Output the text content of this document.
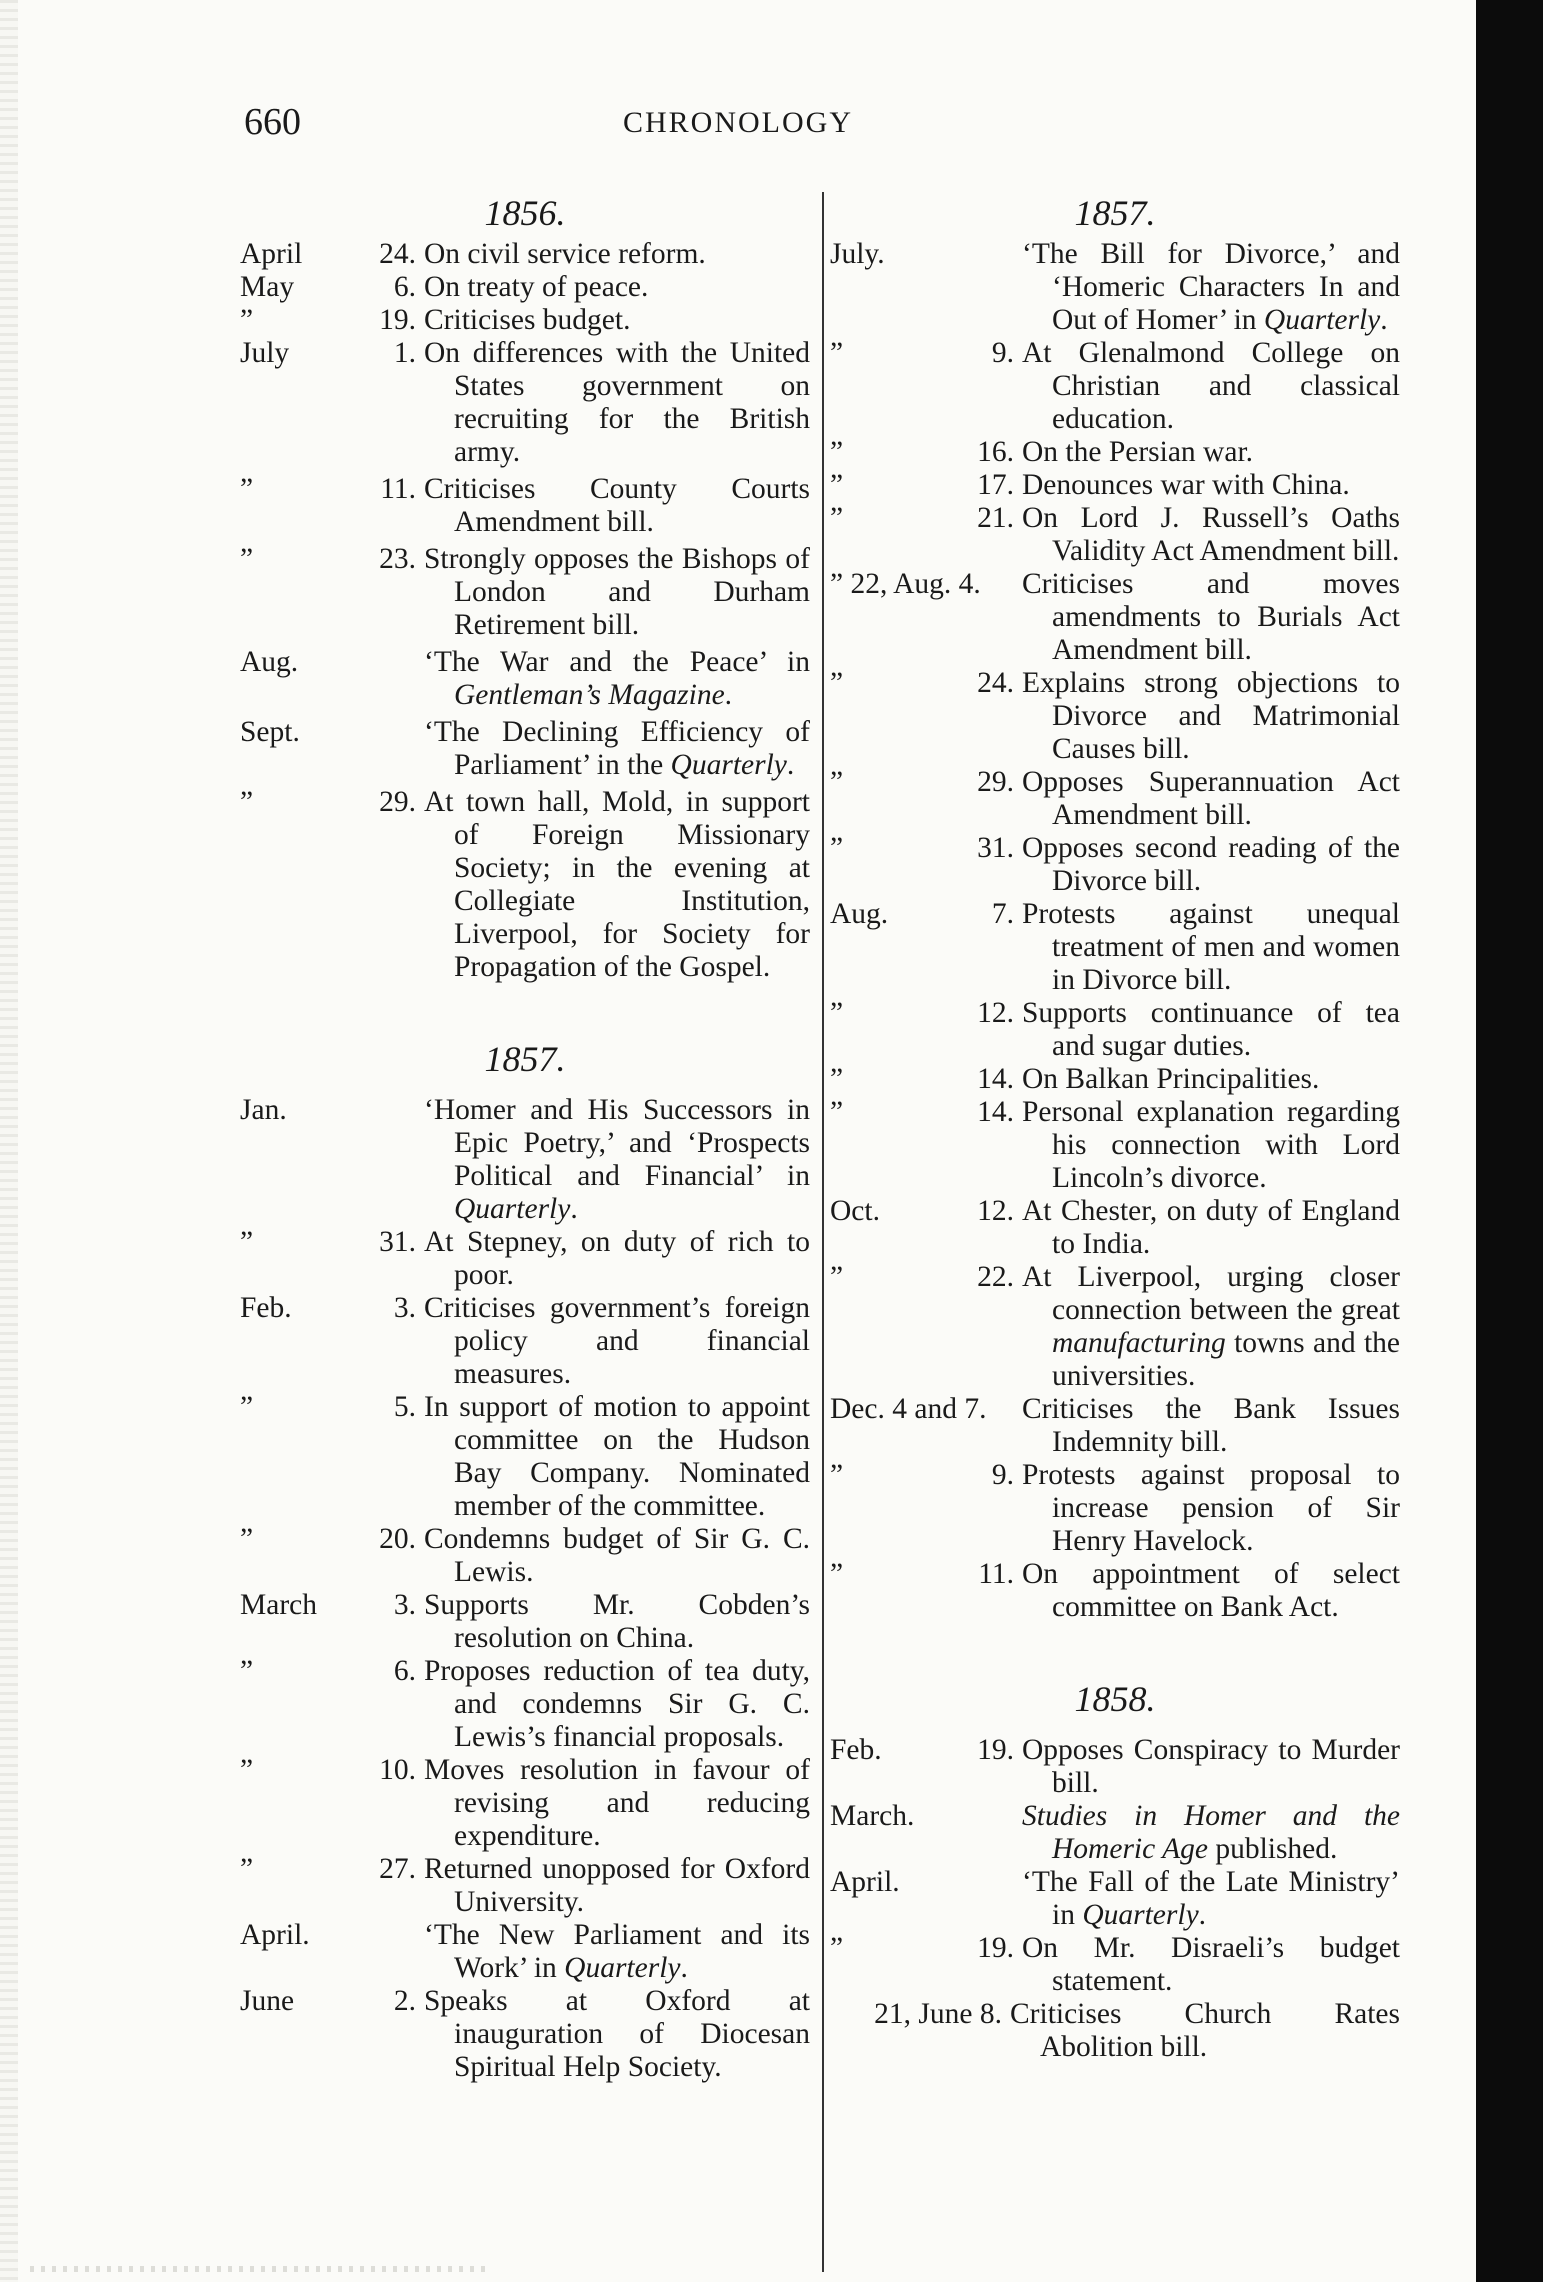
660	CHRONOLOGY
1856.
April	24. On civil service reform.
May	6. On treaty of peace.
”	19. Criticises budget.
July	1. On differences with the United States government on recruiting for the British army.
”	11. Criticises County Courts Amendment bill.
”	23. Strongly opposes the Bishops of London and Durham Retirement bill.
Aug.	‘The War and the Peace’ in Gentleman’s Magazine.
Sept.	‘The Declining Efficiency of Parliament’ in the Quarterly.
”	29. At town hall, Mold, in support of Foreign Missionary Society; in the evening at Collegiate Institution, Liverpool, for Society for Propagation of the Gospel.
1857.
Jan.	‘Homer and His Successors in Epic Poetry,’ and ‘Prospects Political and Financial’ in Quarterly.
”	31. At Stepney, on duty of rich to poor.
Feb.	3. Criticises government’s foreign policy and financial measures.
”	5. In support of motion to appoint committee on the Hudson Bay Company. Nominated member of the committee.
”	20. Condemns budget of Sir G. C. Lewis.
March	3. Supports Mr. Cobden’s resolution on China.
”	6. Proposes reduction of tea duty, and condemns Sir G. C. Lewis’s financial proposals.
”	10. Moves resolution in favour of revising and reducing expenditure.
”	27. Returned unopposed for Oxford University.
April.	‘The New Parliament and its Work’ in Quarterly.
June	2. Speaks at Oxford at inauguration of Diocesan Spiritual Help Society.
1857.
July.	‘The Bill for Divorce,’ and ‘Homeric Characters In and Out of Homer’ in Quarterly.
”	9. At Glenalmond College on Christian and classical education.
”	16. On the Persian war.
”	17. Denounces war with China.
”	21. On Lord J. Russell’s Oaths Validity Act Amendment bill.
” 22, Aug. 4.	Criticises and moves amendments to Burials Act Amendment bill.
”	24. Explains strong objections to Divorce and Matrimonial Causes bill.
”	29. Opposes Superannuation Act Amendment bill.
”	31. Opposes second reading of the Divorce bill.
Aug.	7. Protests against unequal treatment of men and women in Divorce bill.
”	12. Supports continuance of tea and sugar duties.
”	14. On Balkan Principalities.
”	14. Personal explanation regarding his connection with Lord Lincoln’s divorce.
Oct.	12. At Chester, on duty of England to India.
”	22. At Liverpool, urging closer connection between the great manufacturing towns and the universities.
Dec. 4 and 7.	Criticises the Bank Issues Indemnity bill.
”	9. Protests against proposal to increase pension of Sir Henry Havelock.
”	11. On appointment of select committee on Bank Act.
1858.
Feb.	19. Opposes Conspiracy to Murder bill.
March.	Studies in Homer and the Homeric Age published.
April.	‘The Fall of the Late Ministry’ in Quarterly.
”	19. On Mr. Disraeli’s budget statement.
21, June 8. Criticises Church Rates Abolition bill.
